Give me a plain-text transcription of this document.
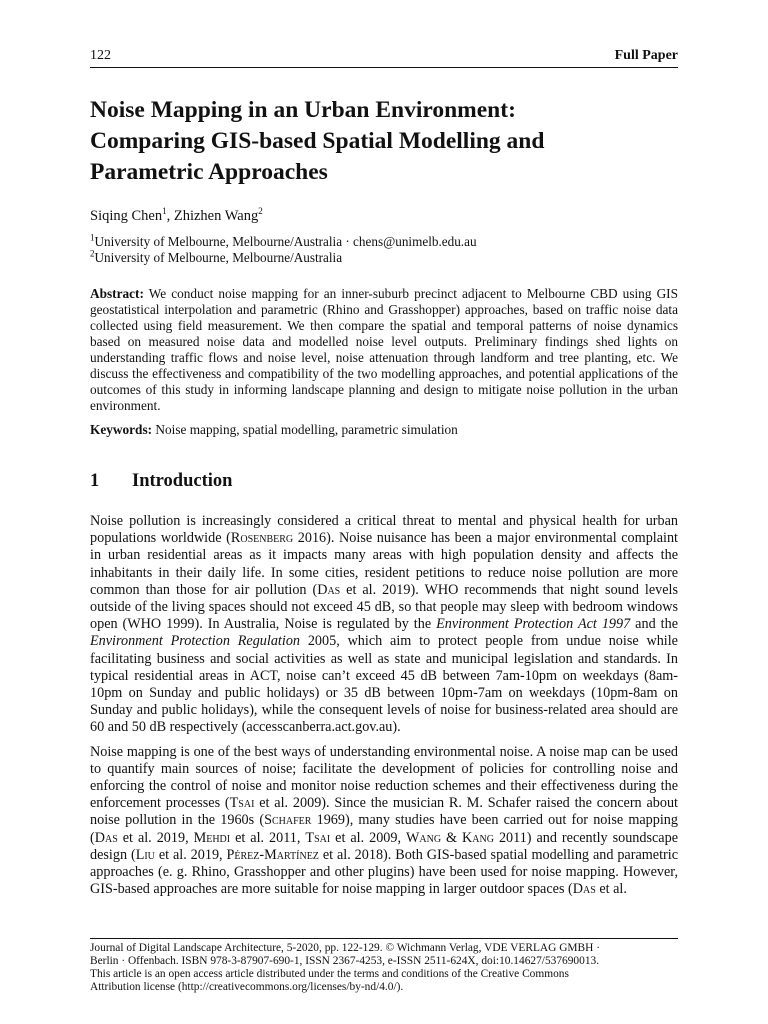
122	Full Paper
Noise Mapping in an Urban Environment:
Comparing GIS-based Spatial Modelling and
Parametric Approaches
Siqing Chen$^1$, Zhizhen Wang$^2$
$^1$University of Melbourne, Melbourne/Australia · chens@unimelb.edu.au
$^2$University of Melbourne, Melbourne/Australia
Abstract: We conduct noise mapping for an inner-suburb precinct adjacent to Melbourne CBD using GIS geostatistical interpolation and parametric (Rhino and Grasshopper) approaches, based on traffic noise data collected using field measurement. We then compare the spatial and temporal patterns of noise dynamics based on measured noise data and modelled noise level outputs. Preliminary findings shed lights on understanding traffic flows and noise level, noise attenuation through landform and tree planting, etc. We discuss the effectiveness and compatibility of the two modelling approaches, and potential applications of the outcomes of this study in informing landscape planning and design to mitigate noise pollution in the urban environment.
Keywords: Noise mapping, spatial modelling, parametric simulation
1	Introduction

Noise pollution is increasingly considered a critical threat to mental and physical health for urban populations worldwide (Rosenberg 2016). Noise nuisance has been a major environmental complaint in urban residential areas as it impacts many areas with high population density and affects the inhabitants in their daily life. In some cities, resident petitions to reduce noise pollution are more common than those for air pollution (Das et al. 2019). WHO recommends that night sound levels outside of the living spaces should not exceed 45 dB, so that people may sleep with bedroom windows open (WHO 1999). In Australia, Noise is regulated by the Environment Protection Act 1997 and the Environment Protection Regulation 2005, which aim to protect people from undue noise while facilitating business and social activities as well as state and municipal legislation and standards. In typical residential areas in ACT, noise can’t exceed 45 dB between 7am-10pm on weekdays (8am-10pm on Sunday and public holidays) or 35 dB between 10pm-7am on weekdays (10pm-8am on Sunday and public holidays), while the consequent levels of noise for business-related area should are 60 and 50 dB respectively (accesscanberra.act.gov.au).

Noise mapping is one of the best ways of understanding environmental noise. A noise map can be used to quantify main sources of noise; facilitate the development of policies for controlling noise and enforcing the control of noise and monitor noise reduction schemes and their effectiveness during the enforcement processes (Tsai et al. 2009). Since the musician R. M. Schafer raised the concern about noise pollution in the 1960s (Schafer 1969), many studies have been carried out for noise mapping (Das et al. 2019, Mehdi et al. 2011, Tsai et al. 2009, Wang & Kang 2011) and recently soundscape design (Liu et al. 2019, Pérez-Martínez et al. 2018). Both GIS-based spatial modelling and parametric approaches (e. g. Rhino, Grasshopper and other plugins) have been used for noise mapping. However, GIS-based approaches are more suitable for noise mapping in larger outdoor spaces (Das et al.

Journal of Digital Landscape Architecture, 5-2020, pp. 122-129. © Wichmann Verlag, VDE VERLAG GMBH ·
Berlin · Offenbach. ISBN 978-3-87907-690-1, ISSN 2367-4253, e-ISSN 2511-624X, doi:10.14627/537690013.
This article is an open access article distributed under the terms and conditions of the Creative Commons
Attribution license (http://creativecommons.org/licenses/by-nd/4.0/).
